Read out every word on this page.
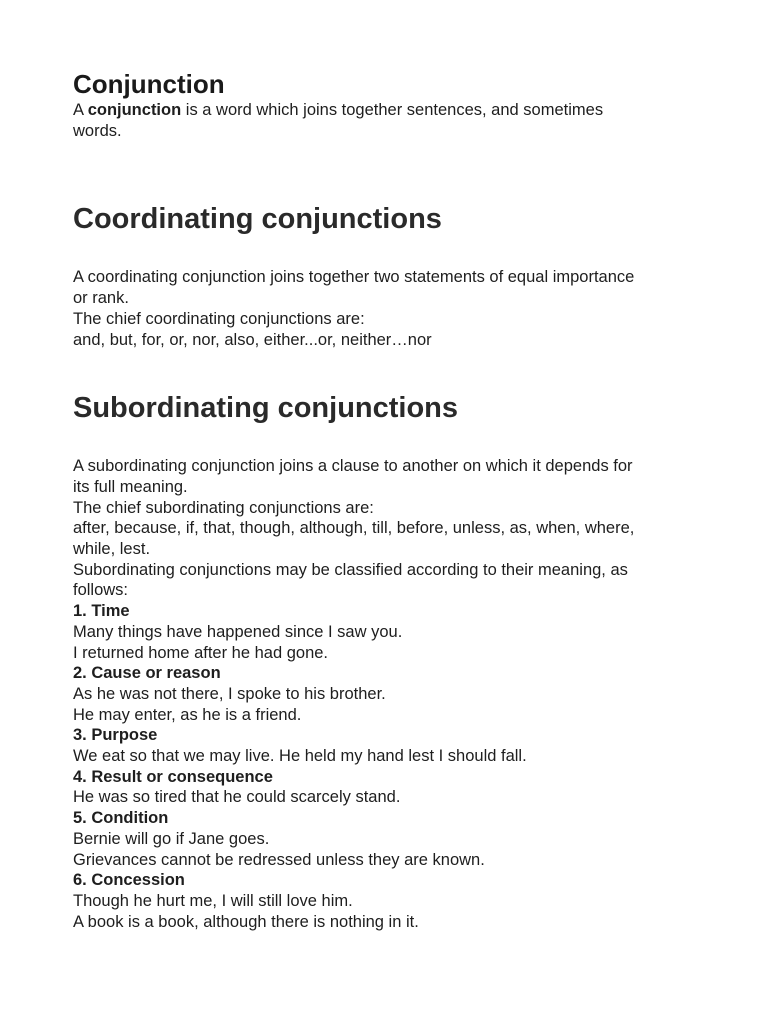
Conjunction

A conjunction is a word which joins together sentences, and sometimes

words.

Coordinating conjunctions

A coordinating conjunction joins together two statements of equal importance

or rank.

The chief coordinating conjunctions are:

and, but, for, or, nor, also, either...or, neither…nor

Subordinating conjunctions

A subordinating conjunction joins a clause to another on which it depends for

its full meaning.

The chief subordinating conjunctions are:

after, because, if, that, though, although, till, before, unless, as, when, where,

while, lest.

Subordinating conjunctions may be classified according to their meaning, as

follows:

1. Time

Many things have happened since I saw you.

I returned home after he had gone.

2. Cause or reason

As he was not there, I spoke to his brother.

He may enter, as he is a friend.

3. Purpose

We eat so that we may live. He held my hand lest I should fall.

4. Result or consequence

He was so tired that he could scarcely stand.

5. Condition

Bernie will go if Jane goes.

Grievances cannot be redressed unless they are known.

6. Concession

Though he hurt me, I will still love him.

A book is a book, although there is nothing in it.
